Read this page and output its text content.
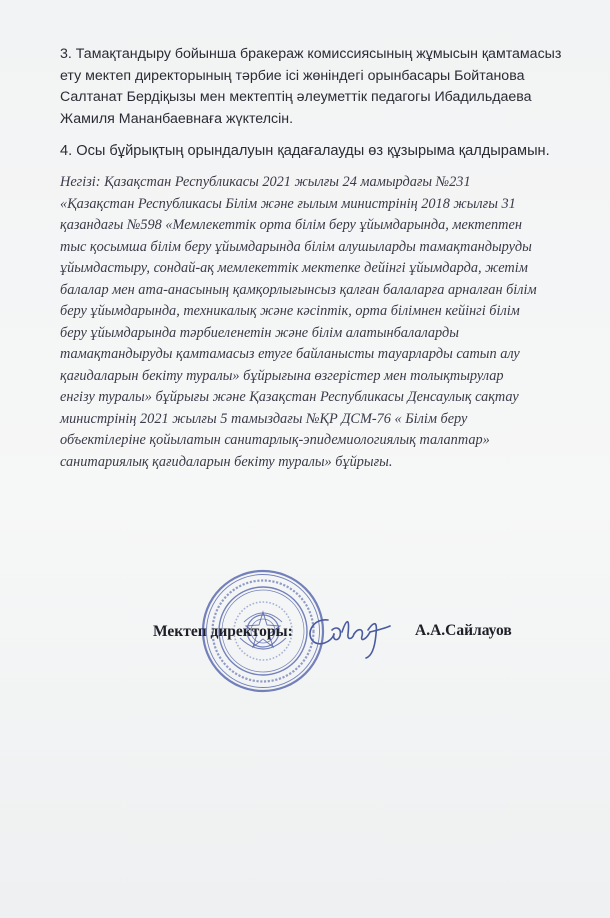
3. Тамақтандыру бойынша бракераж комиссиясының жұмысын қамтамасыз
ету мектеп директорының тәрбие ісі жөніндегі орынбасары Бойтанова
Салтанат Бердіқызы мен мектептің әлеуметтік педагогы Ибадильдаева
Жамиля Мананбаевнаға жүктелсін.

4. Осы бұйрықтың орындалуын қадағалауды өз құзырыма қалдырамын.

Негізі: Қазақстан Республикасы 2021 жылғы 24 мамырдағы №231
«Қазақстан Республикасы Білім және ғылым министрінің 2018 жылғы 31
қазандағы №598 «Мемлекеттік орта білім беру ұйымдарында, мектептен
тыс қосымша білім беру ұйымдарында білім алушыларды тамақтандыруды
ұйымдастыру, сондай-ақ мемлекеттік мектепке дейінгі ұйымдарда, жетім
балалар мен ата-анасының қамқорлығынсыз қалған балаларға арналған білім
беру ұйымдарында, техникалық және кәсіптік, орта білімнен кейінгі білім
беру ұйымдарында тәрбиеленетін және білім алатынбалаларды
тамақтандыруды қамтамасыз етуге байланысты тауарларды сатып алу
қағидаларын бекіту туралы» бұйрығына өзгерістер мен толықтырулар
енгізу туралы» бұйрығы және Қазақстан Республикасы Денсаулық сақтау
министрінің 2021 жылғы 5 тамыздағы №ҚР ДСМ-76 « Білім беру
объектілеріне қойылатын санитарлық-эпидемиологиялық талаптар»
санитариялық қағидаларын бекіту туралы» бұйрығы.

Мектеп директоры:	А.А.Сайлауов
